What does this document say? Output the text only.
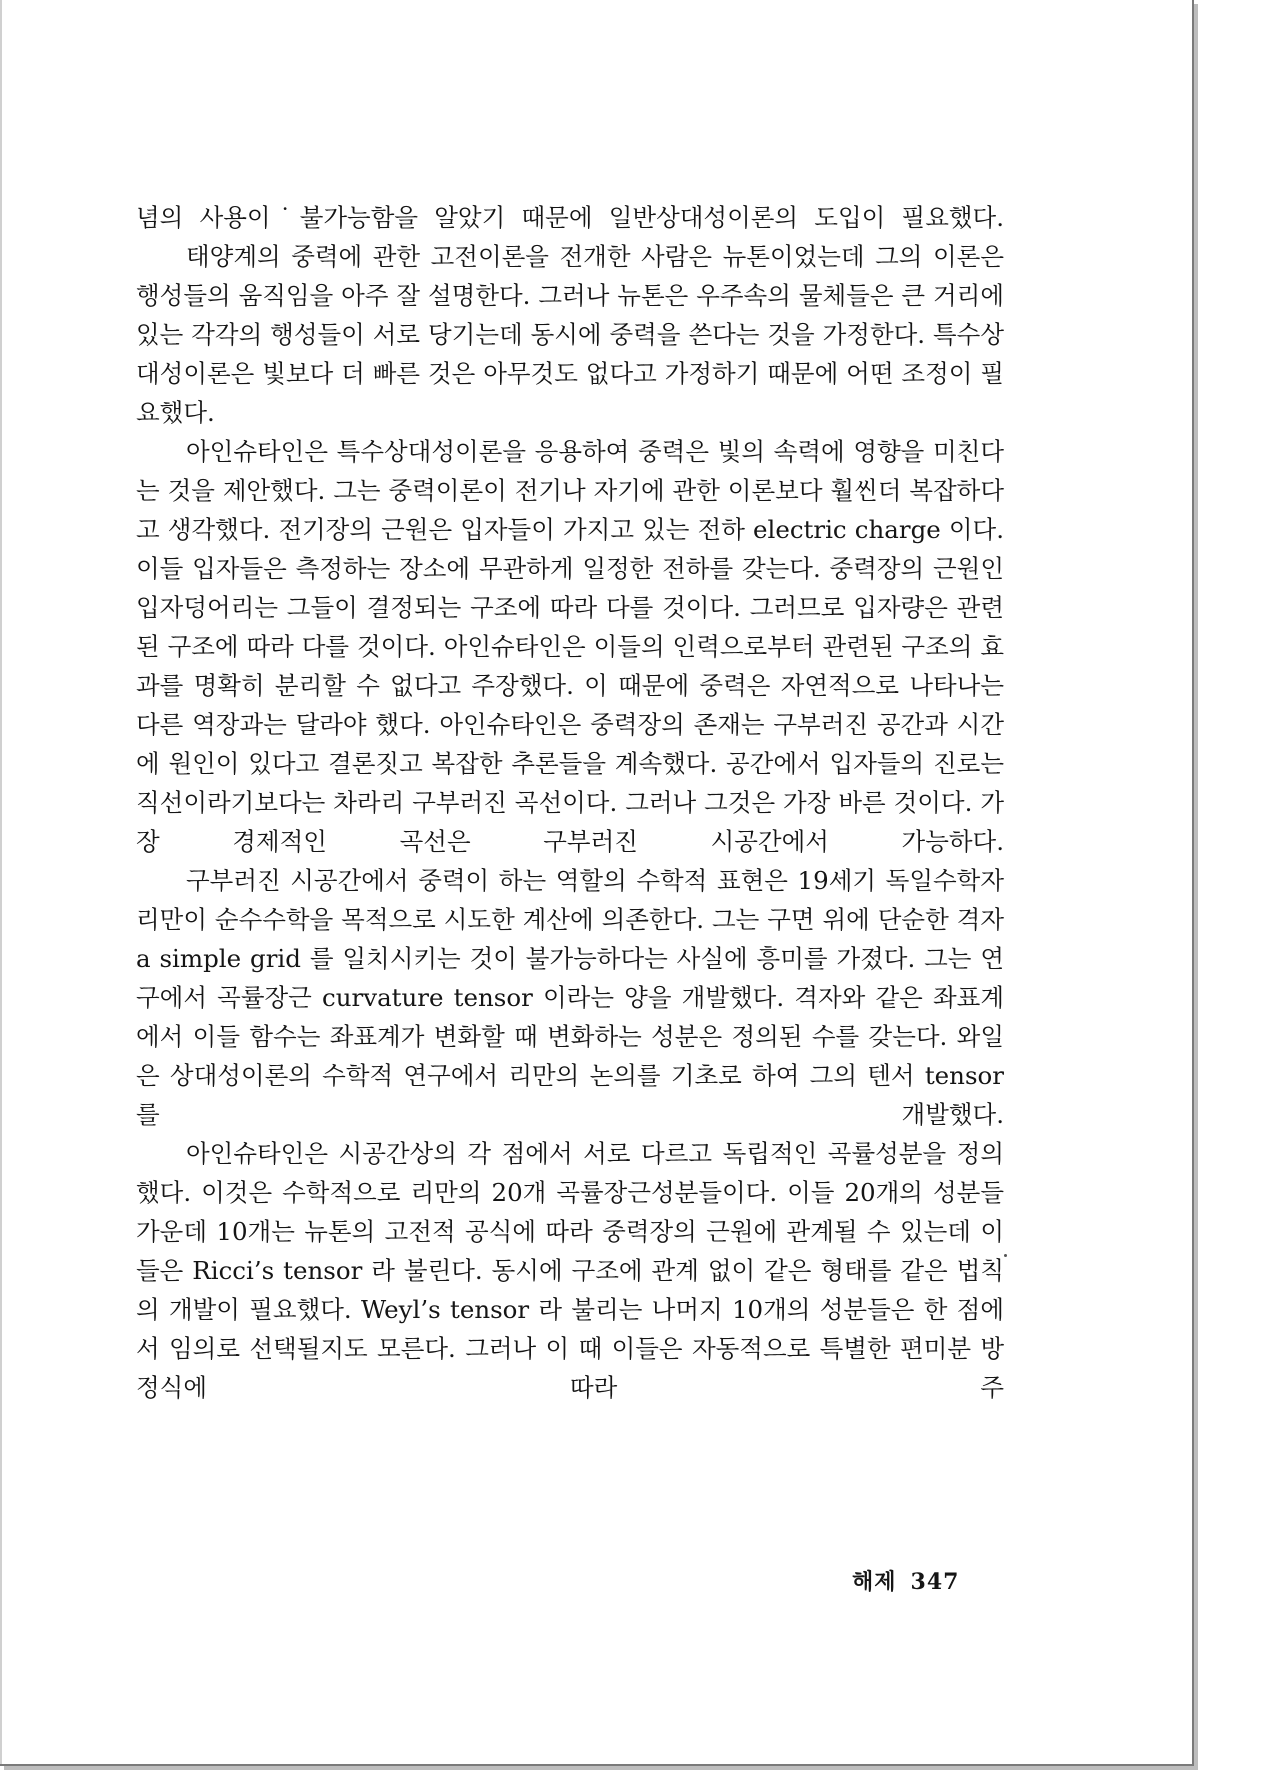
념의 사용이˙불가능함을 알았기 때문에 일반상대성이론의 도입이 필요했다.

태양계의 중력에 관한 고전이론을 전개한 사람은 뉴톤이었는데 그의 이론은 행성들의 움직임을 아주 잘 설명한다. 그러나 뉴톤은 우주속의 물체들은 큰 거리에 있는 각각의 행성들이 서로 당기는데 동시에 중력을 쓴다는 것을 가정한다. 특수상대성이론은 빛보다 더 빠른 것은 아무것도 없다고 가정하기 때문에 어떤 조정이 필요했다.

아인슈타인은 특수상대성이론을 응용하여 중력은 빛의 속력에 영향을 미친다는 것을 제안했다. 그는 중력이론이 전기나 자기에 관한 이론보다 훨씬더 복잡하다고 생각했다. 전기장의 근원은 입자들이 가지고 있는 전하 electric charge 이다. 이들 입자들은 측정하는 장소에 무관하게 일정한 전하를 갖는다. 중력장의 근원인 입자덩어리는 그들이 결정되는 구조에 따라 다를 것이다. 그러므로 입자량은 관련된 구조에 따라 다를 것이다. 아인슈타인은 이들의 인력으로부터 관련된 구조의 효과를 명확히 분리할 수 없다고 주장했다. 이 때문에 중력은 자연적으로 나타나는 다른 역장과는 달라야 했다. 아인슈타인은 중력장의 존재는 구부러진 공간과 시간에 원인이 있다고 결론짓고 복잡한 추론들을 계속했다. 공간에서 입자들의 진로는 직선이라기보다는 차라리 구부러진 곡선이다. 그러나 그것은 가장 바른 것이다. 가장 경제적인 곡선은 구부러진 시공간에서 가능하다.

구부러진 시공간에서 중력이 하는 역할의 수학적 표현은 19세기 독일수학자 리만이 순수수학을 목적으로 시도한 계산에 의존한다. 그는 구면 위에 단순한 격자 a simple grid 를 일치시키는 것이 불가능하다는 사실에 흥미를 가졌다. 그는 연구에서 곡률장근 curvature tensor 이라는 양을 개발했다. 격자와 같은 좌표계에서 이들 함수는 좌표계가 변화할 때 변화하는 성분은 정의된 수를 갖는다. 와일은 상대성이론의 수학적 연구에서 리만의 논의를 기초로 하여 그의 텐서 tensor 를 개발했다.

아인슈타인은 시공간상의 각 점에서 서로 다르고 독립적인 곡률성분을 정의했다. 이것은 수학적으로 리만의 20개 곡률장근성분들이다. 이들 20개의 성분들 가운데 10개는 뉴톤의 고전적 공식에 따라 중력장의 근원에 관계될 수 있는데 이들은 Ricci’s tensor 라 불린다. 동시에 구조에 관계 없이 같은 형태를 같은 법칙의 개발이 필요했다. Weyl’s tensor 라 불리는 나머지 10개의 성분들은 한 점에서 임의로 선택될지도 모른다. 그러나 이 때 이들은 자동적으로 특별한 편미분 방정식에 따라 주

해제 347
